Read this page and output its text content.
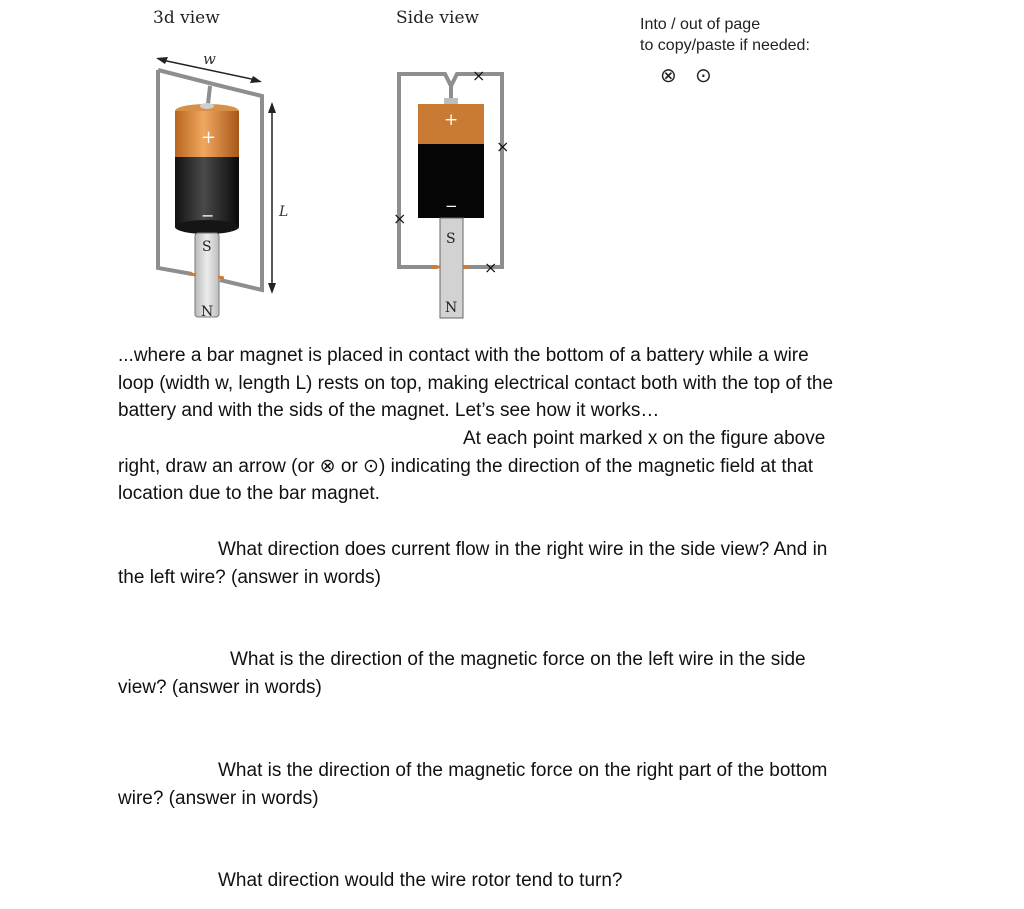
3d view	Side view
w
L
+
−
S
N
+
−
S
N
×
×
×
×
Into / out of page
to copy/paste if needed:
⊗ ⊙

...where a bar magnet is placed in contact with the bottom of a battery while a wire

loop (width w, length L) rests on top, making electrical contact both with the top of the

battery and with the sids of the magnet. Let’s see how it works…

At each point marked x on the figure above

right, draw an arrow (or ⊗ or ⊙) indicating the direction of the magnetic field at that

location due to the bar magnet.

What direction does current flow in the right wire in the side view? And in

the left wire? (answer in words)

What is the direction of the magnetic force on the left wire in the side

view? (answer in words)

What is the direction of the magnetic force on the right part of the bottom

wire? (answer in words)

What direction would the wire rotor tend to turn?
